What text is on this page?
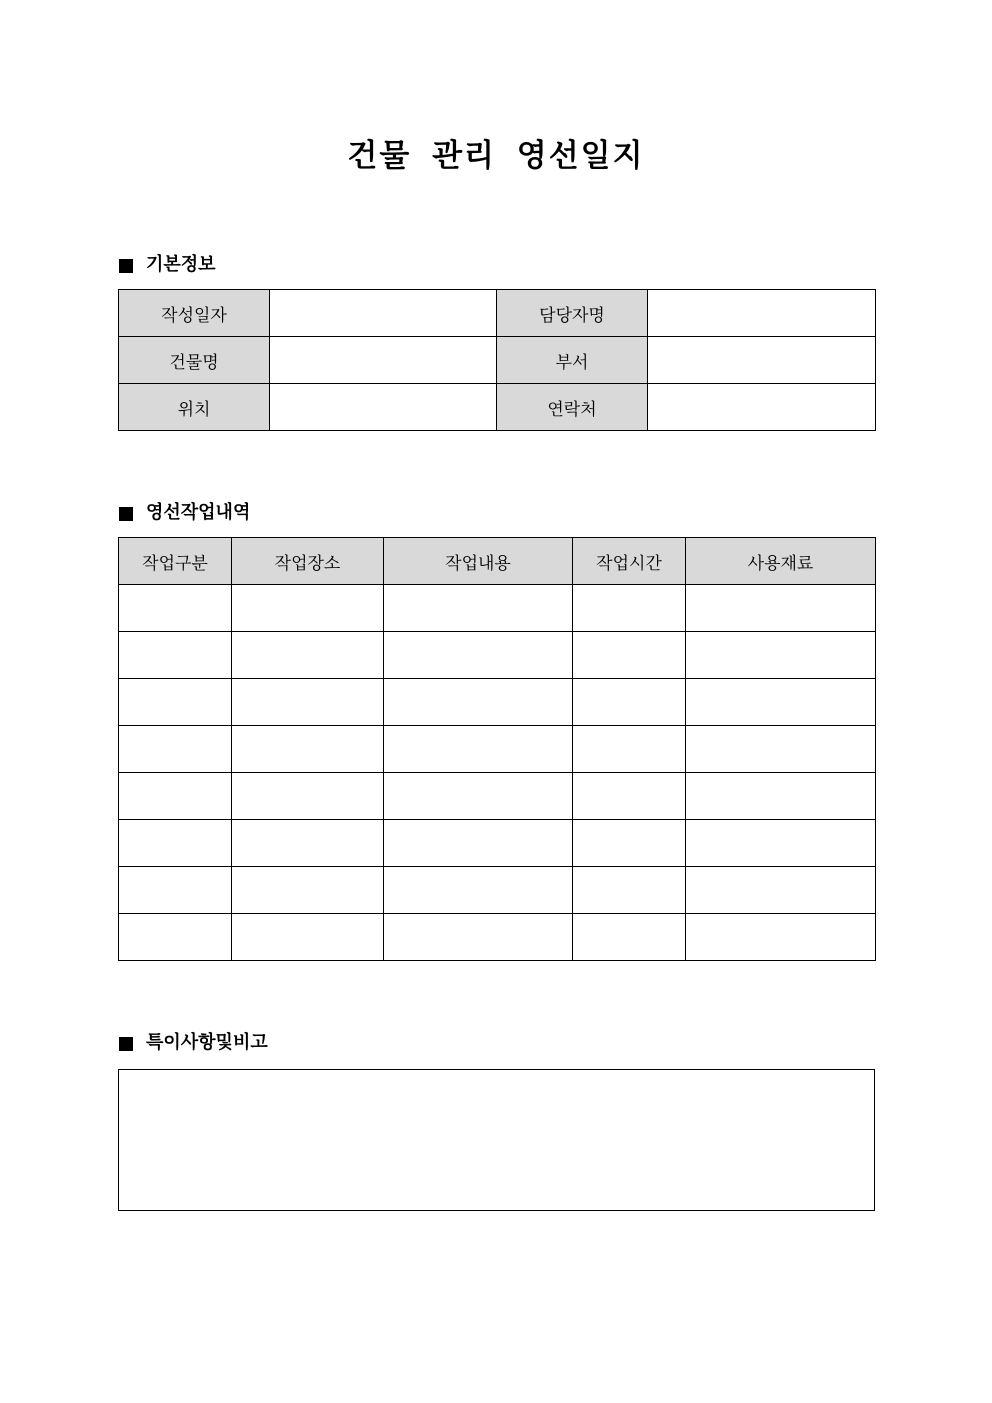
건물 관리 영선일지
기본정보
작성일자		담당자명	
건물명		부서	
위치		연락처	
영선작업내역
작업구분	작업장소	작업내용	작업시간	사용재료

특이사항및비고
